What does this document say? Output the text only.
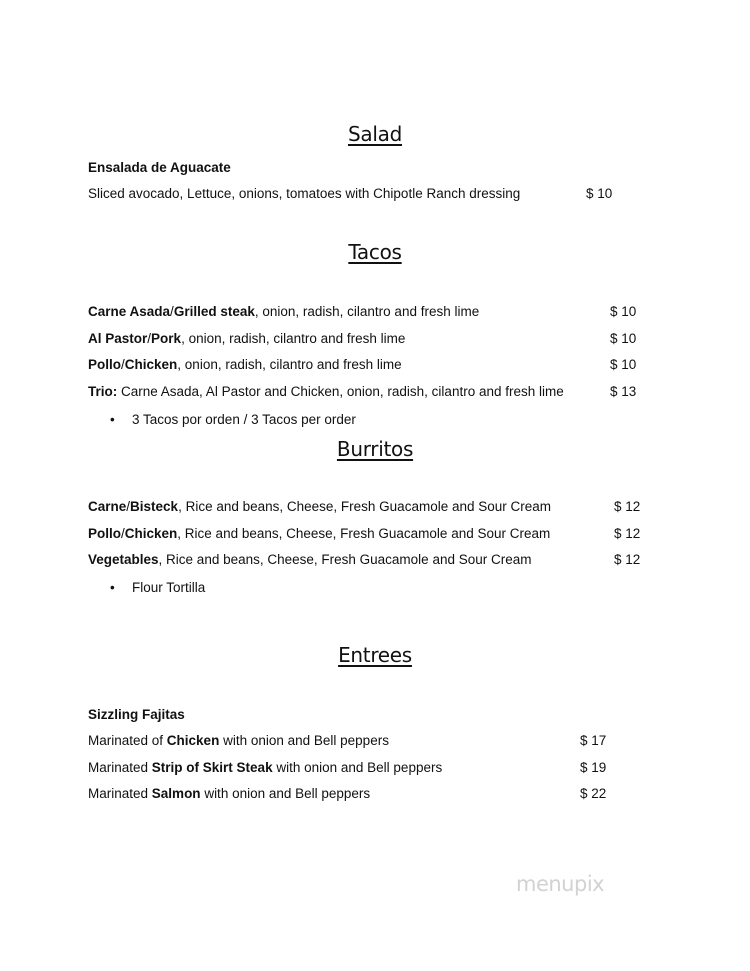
Salad
Ensalada de Aguacate
Sliced avocado, Lettuce, onions, tomatoes with Chipotle Ranch dressing	$ 10
Tacos
Carne Asada/Grilled steak, onion, radish, cilantro and fresh lime	$ 10
Al Pastor/Pork, onion, radish, cilantro and fresh lime	$ 10
Pollo/Chicken, onion, radish, cilantro and fresh lime	$ 10
Trio: Carne Asada, Al Pastor and Chicken, onion, radish, cilantro and fresh lime	$ 13
• 3 Tacos por orden / 3 Tacos per order
Burritos
Carne/Bisteck, Rice and beans, Cheese, Fresh Guacamole and Sour Cream	$ 12
Pollo/Chicken, Rice and beans, Cheese, Fresh Guacamole and Sour Cream	$ 12
Vegetables, Rice and beans, Cheese, Fresh Guacamole and Sour Cream	$ 12
• Flour Tortilla
Entrees
Sizzling Fajitas
Marinated of Chicken with onion and Bell peppers	$ 17
Marinated Strip of Skirt Steak with onion and Bell peppers	$ 19
Marinated Salmon with onion and Bell peppers	$ 22
menupix
